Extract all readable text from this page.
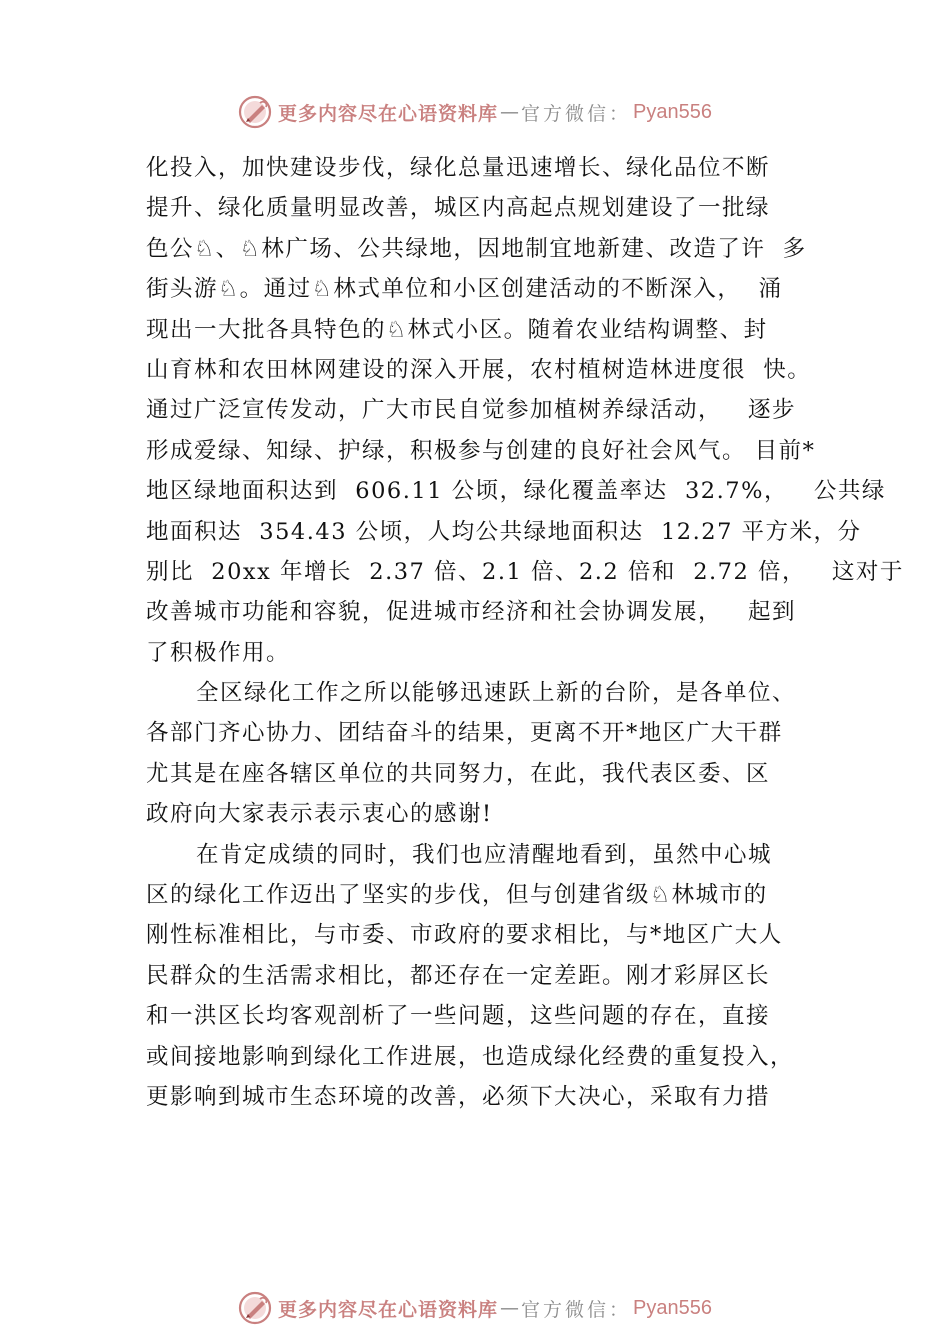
更多内容尽在心语资料库 — 官方微信： Pyan556
化投入，加快建设步伐，绿化总量迅速增长、绿化品位不断
提升、绿化质量明显改善，城区内高起点规划建设了一批绿
色公♘、♘林广场、公共绿地，因地制宜地新建、改造了许  多
街头游♘。通过♘林式单位和小区创建活动的不断深入，  涌
现出一大批各具特色的♘林式小区。随着农业结构调整、封
山育林和农田林网建设的深入开展，农村植树造林进度很  快。
通过广泛宣传发动，广大市民自觉参加植树养绿活动，   逐步
形成爱绿、知绿、护绿，积极参与创建的良好社会风气。 目前*
地区绿地面积达到  606.11 公顷，绿化覆盖率达  32.7%，   公共绿
地面积达  354.43 公顷，人均公共绿地面积达  12.27 平方米，分
别比  20xx 年增长  2.37 倍、2.1 倍、2.2 倍和  2.72 倍，   这对于
改善城市功能和容貌，促进城市经济和社会协调发展，   起到
了积极作用。
全区绿化工作之所以能够迅速跃上新的台阶，是各单位、
各部门齐心协力、团结奋斗的结果，更离不开*地区广大干群
尤其是在座各辖区单位的共同努力，在此，我代表区委、区
政府向大家表示表示衷心的感谢!
在肯定成绩的同时，我们也应清醒地看到，虽然中心城
区的绿化工作迈出了坚实的步伐，但与创建省级♘林城市的
刚性标准相比，与市委、市政府的要求相比，与*地区广大人
民群众的生活需求相比，都还存在一定差距。刚才彩屏区长
和一洪区长均客观剖析了一些问题，这些问题的存在，直接
或间接地影响到绿化工作进展，也造成绿化经费的重复投入，
更影响到城市生态环境的改善，必须下大决心，采取有力措
更多内容尽在心语资料库 — 官方微信： Pyan556
